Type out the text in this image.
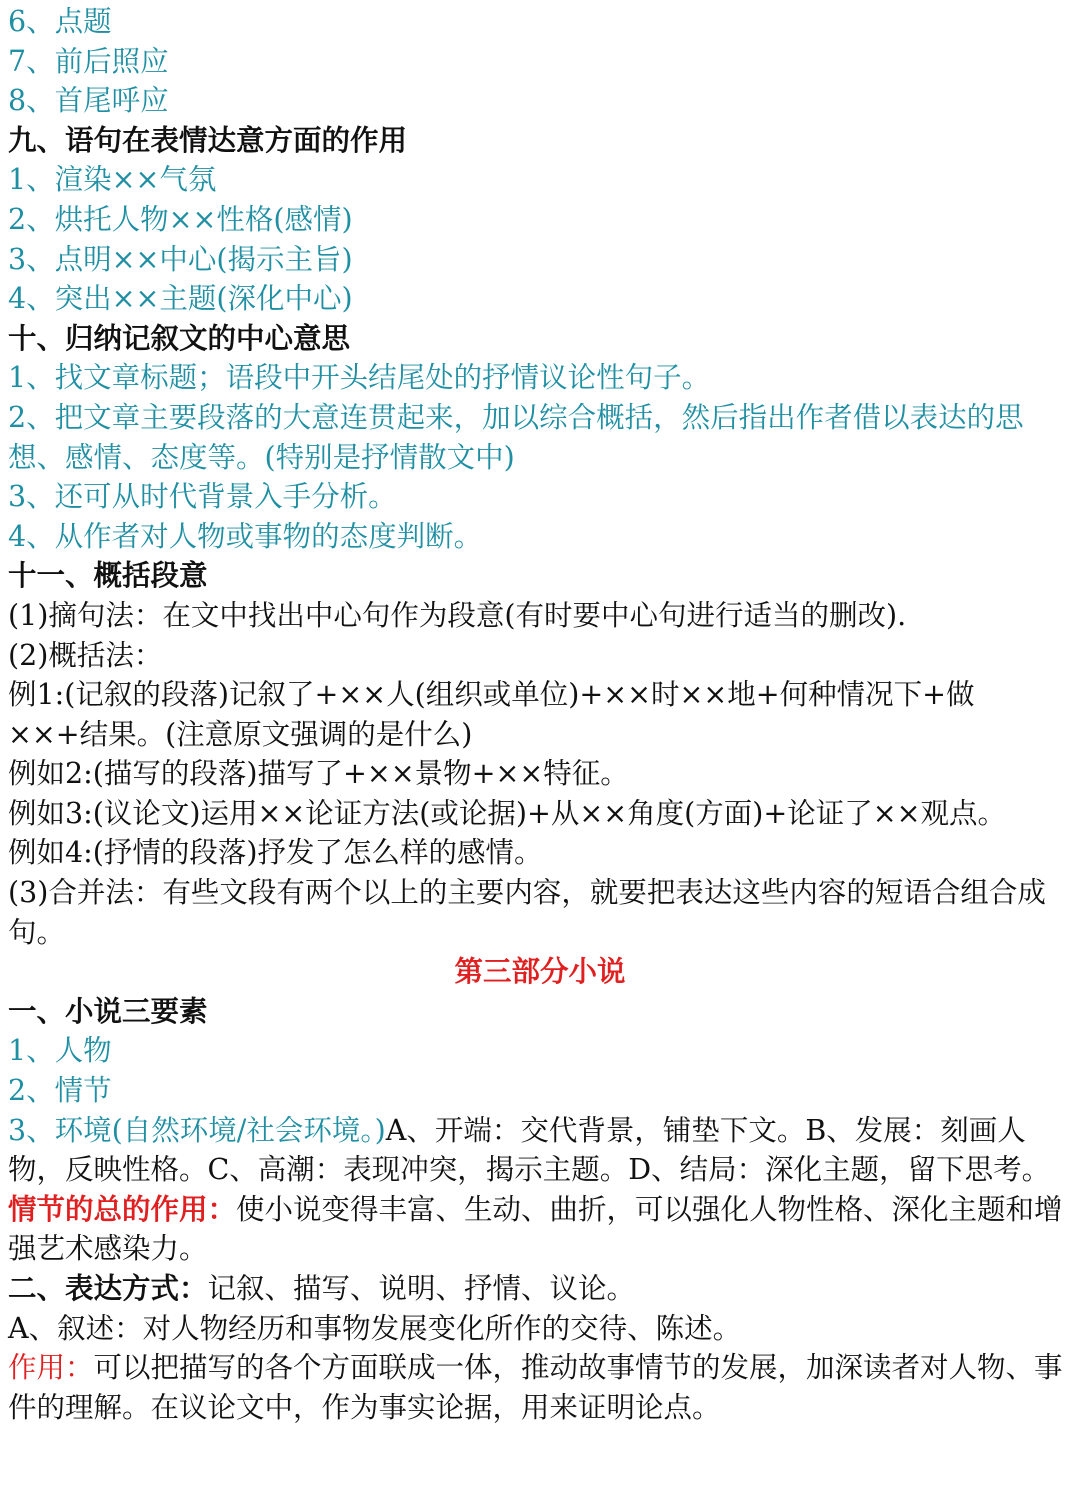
6、点题
7、前后照应
8、首尾呼应
九、语句在表情达意方面的作用
1、渲染××气氛
2、烘托人物××性格(感情)
3、点明××中心(揭示主旨)
4、突出××主题(深化中心)
十、归纳记叙文的中心意思
1、找文章标题；语段中开头结尾处的抒情议论性句子。
2、把文章主要段落的大意连贯起来，加以综合概括，然后指出作者借以表达的思想、感情、态度等。(特别是抒情散文中)
3、还可从时代背景入手分析。
4、从作者对人物或事物的态度判断。
十一、概括段意
(1)摘句法：在文中找出中心句作为段意(有时要中心句进行适当的删改).
(2)概括法：
例1:(记叙的段落)记叙了+××人(组织或单位)+××时××地+何种情况下+做××+结果。(注意原文强调的是什么)
例如2:(描写的段落)描写了+××景物+××特征。
例如3:(议论文)运用××论证方法(或论据)+从××角度(方面)+论证了××观点。
例如4:(抒情的段落)抒发了怎么样的感情。
(3)合并法：有些文段有两个以上的主要内容，就要把表达这些内容的短语合组合成句。
第三部分小说
一、小说三要素
1、人物
2、情节
3、环境(自然环境/社会环境。)A、开端：交代背景，铺垫下文。B、发展：刻画人物，反映性格。C、高潮：表现冲突，揭示主题。D、结局：深化主题，留下思考。
情节的总的作用：使小说变得丰富、生动、曲折，可以强化人物性格、深化主题和增强艺术感染力。
二、表达方式：记叙、描写、说明、抒情、议论。
A、叙述：对人物经历和事物发展变化所作的交待、陈述。
作用：可以把描写的各个方面联成一体，推动故事情节的发展，加深读者对人物、事件的理解。在议论文中，作为事实论据，用来证明论点。
